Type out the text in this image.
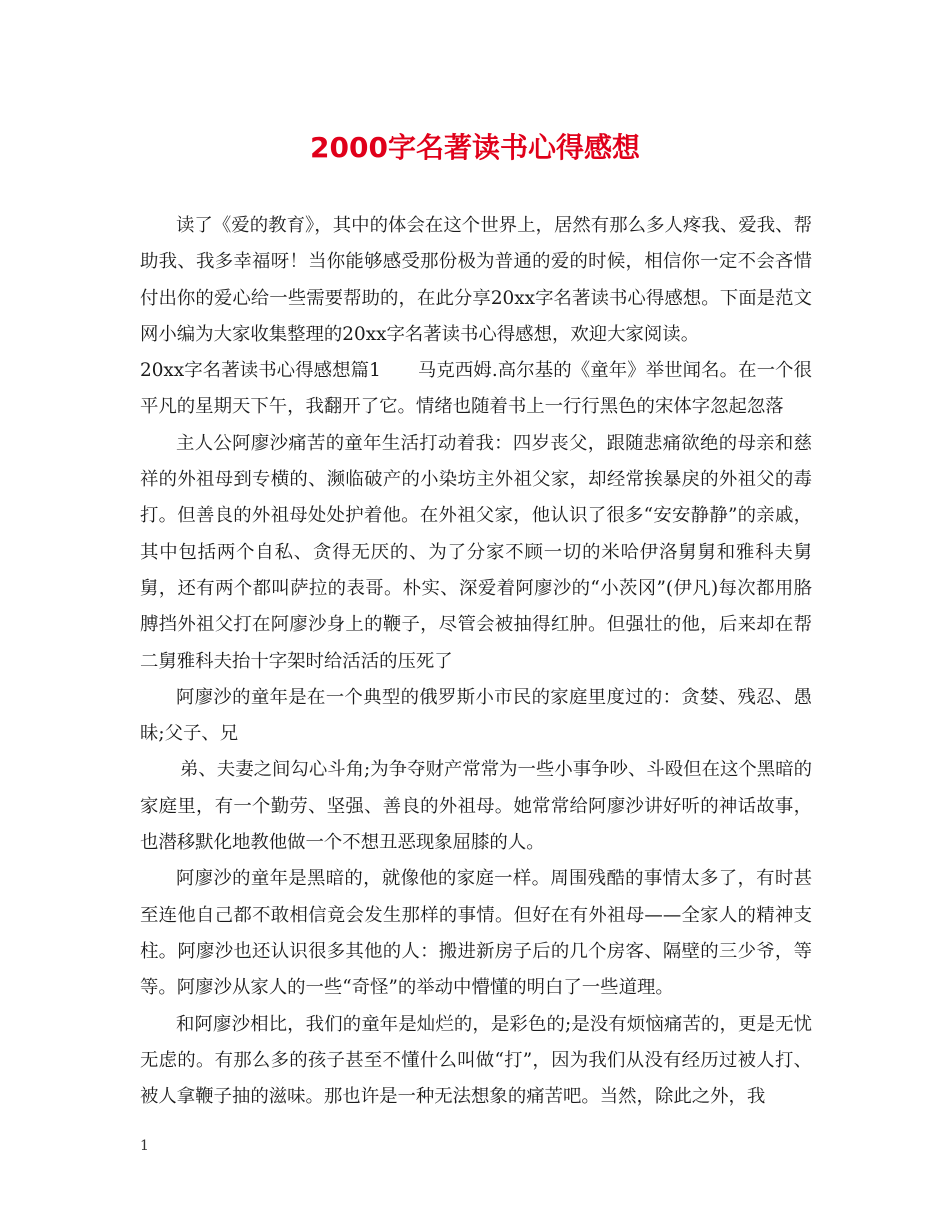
2000字名著读书心得感想

读了《爱的教育》，其中的体会在这个世界上，居然有那么多人疼我、爱我、帮助我、我多幸福呀！当你能够感受那份极为普通的爱的时候，相信你一定不会吝惜付出你的爱心给一些需要帮助的，在此分享20xx字名著读书心得感想。下面是范文网小编为大家收集整理的20xx字名著读书心得感想，欢迎大家阅读。

20xx字名著读书心得感想篇1　　马克西姆.高尔基的《童年》举世闻名。在一个很平凡的星期天下午，我翻开了它。情绪也随着书上一行行黑色的宋体字忽起忽落

主人公阿廖沙痛苦的童年生活打动着我：四岁丧父，跟随悲痛欲绝的母亲和慈祥的外祖母到专横的、濒临破产的小染坊主外祖父家，却经常挨暴戾的外祖父的毒打。但善良的外祖母处处护着他。在外祖父家，他认识了很多“安安静静”的亲戚，其中包括两个自私、贪得无厌的、为了分家不顾一切的米哈伊洛舅舅和雅科夫舅舅，还有两个都叫萨拉的表哥。朴实、深爱着阿廖沙的“小茨冈”(伊凡)每次都用胳膊挡外祖父打在阿廖沙身上的鞭子，尽管会被抽得红肿。但强壮的他，后来却在帮二舅雅科夫抬十字架时给活活的压死了

阿廖沙的童年是在一个典型的俄罗斯小市民的家庭里度过的：贪婪、残忍、愚昧;父子、兄

弟、夫妻之间勾心斗角;为争夺财产常常为一些小事争吵、斗殴但在这个黑暗的家庭里，有一个勤劳、坚强、善良的外祖母。她常常给阿廖沙讲好听的神话故事，也潜移默化地教他做一个不想丑恶现象屈膝的人。

阿廖沙的童年是黑暗的，就像他的家庭一样。周围残酷的事情太多了，有时甚至连他自己都不敢相信竟会发生那样的事情。但好在有外祖母——全家人的精神支柱。阿廖沙也还认识很多其他的人：搬进新房子后的几个房客、隔壁的三少爷，等等。阿廖沙从家人的一些“奇怪”的举动中懵懂的明白了一些道理。

和阿廖沙相比，我们的童年是灿烂的，是彩色的;是没有烦恼痛苦的，更是无忧无虑的。有那么多的孩子甚至不懂什么叫做“打”，因为我们从没有经历过被人打、被人拿鞭子抽的滋味。那也许是一种无法想象的痛苦吧。当然，除此之外，我

1
